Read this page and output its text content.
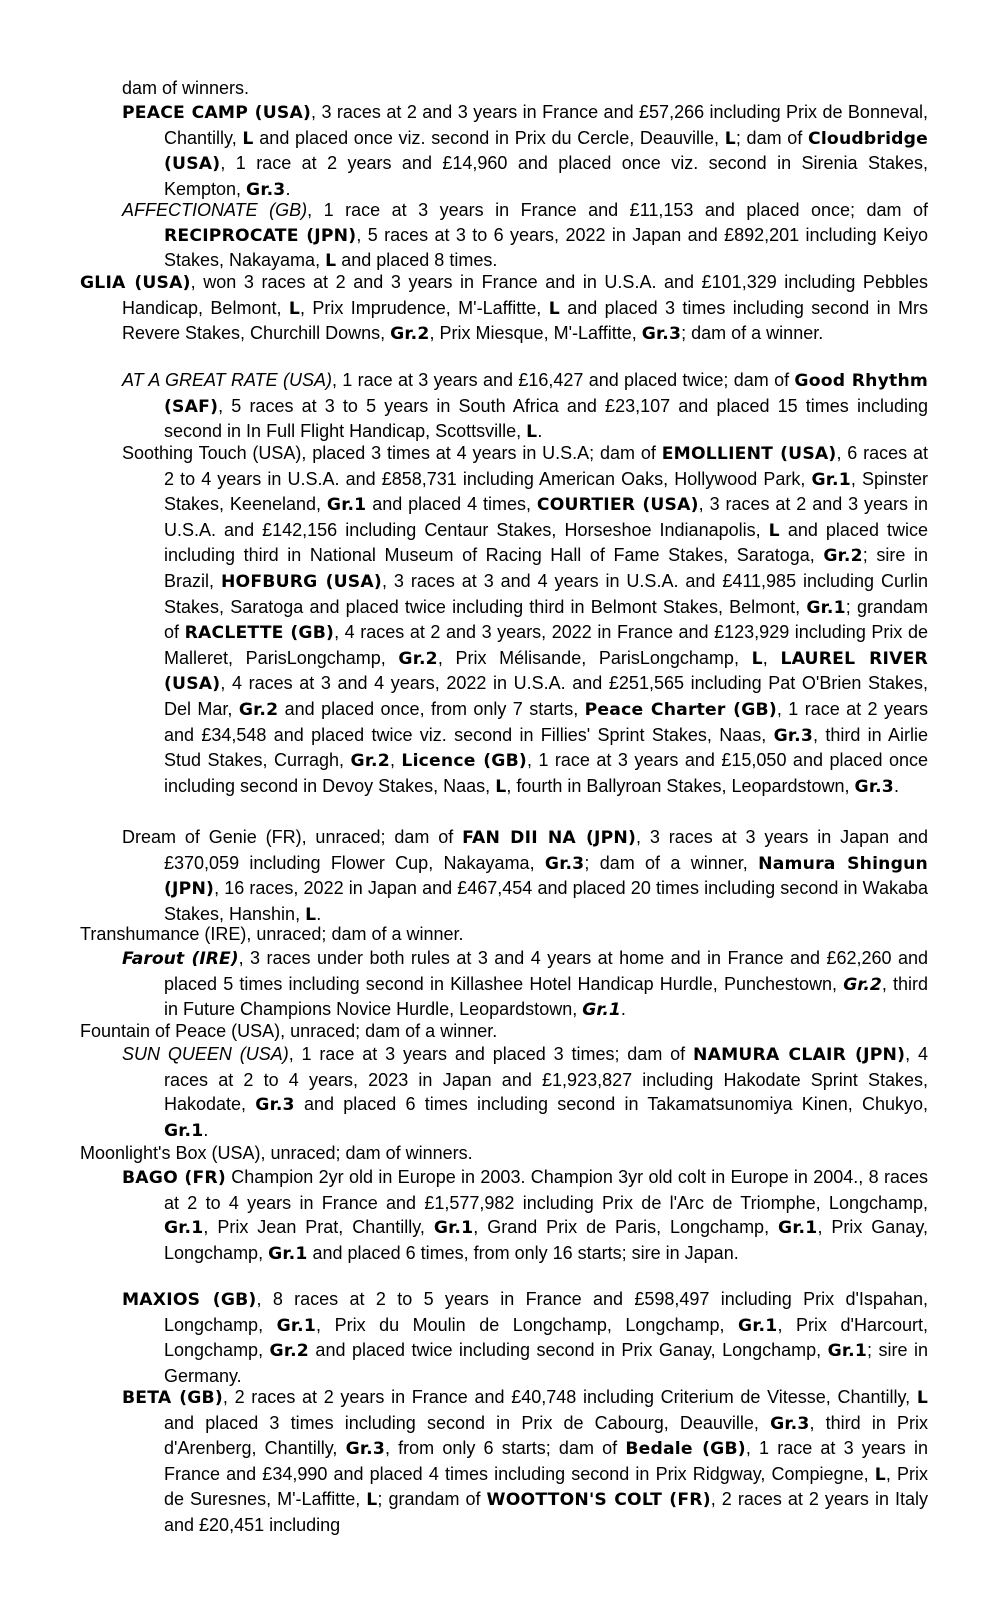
dam of winners.

PEACE CAMP (USA), 3 races at 2 and 3 years in France and £57,266 including Prix de Bonneval, Chantilly, L and placed once viz. second in Prix du Cercle, Deauville, L; dam of Cloudbridge (USA), 1 race at 2 years and £14,960 and placed once viz. second in Sirenia Stakes, Kempton, Gr.3.

AFFECTIONATE (GB), 1 race at 3 years in France and £11,153 and placed once; dam of RECIPROCATE (JPN), 5 races at 3 to 6 years, 2022 in Japan and £892,201 including Keiyo Stakes, Nakayama, L and placed 8 times.

GLIA (USA), won 3 races at 2 and 3 years in France and in U.S.A. and £101,329 including Pebbles Handicap, Belmont, L, Prix Imprudence, M'-Laffitte, L and placed 3 times including second in Mrs Revere Stakes, Churchill Downs, Gr.2, Prix Miesque, M'-Laffitte, Gr.3; dam of a winner.

AT A GREAT RATE (USA), 1 race at 3 years and £16,427 and placed twice; dam of Good Rhythm (SAF), 5 races at 3 to 5 years in South Africa and £23,107 and placed 15 times including second in In Full Flight Handicap, Scottsville, L.

Soothing Touch (USA), placed 3 times at 4 years in U.S.A; dam of EMOLLIENT (USA), 6 races at 2 to 4 years in U.S.A. and £858,731 including American Oaks, Hollywood Park, Gr.1, Spinster Stakes, Keeneland, Gr.1 and placed 4 times, COURTIER (USA), 3 races at 2 and 3 years in U.S.A. and £142,156 including Centaur Stakes, Horseshoe Indianapolis, L and placed twice including third in National Museum of Racing Hall of Fame Stakes, Saratoga, Gr.2; sire in Brazil, HOFBURG (USA), 3 races at 3 and 4 years in U.S.A. and £411,985 including Curlin Stakes, Saratoga and placed twice including third in Belmont Stakes, Belmont, Gr.1; grandam of RACLETTE (GB), 4 races at 2 and 3 years, 2022 in France and £123,929 including Prix de Malleret, ParisLongchamp, Gr.2, Prix Mélisande, ParisLongchamp, L, LAUREL RIVER (USA), 4 races at 3 and 4 years, 2022 in U.S.A. and £251,565 including Pat O'Brien Stakes, Del Mar, Gr.2 and placed once, from only 7 starts, Peace Charter (GB), 1 race at 2 years and £34,548 and placed twice viz. second in Fillies' Sprint Stakes, Naas, Gr.3, third in Airlie Stud Stakes, Curragh, Gr.2, Licence (GB), 1 race at 3 years and £15,050 and placed once including second in Devoy Stakes, Naas, L, fourth in Ballyroan Stakes, Leopardstown, Gr.3.

Dream of Genie (FR), unraced; dam of FAN DII NA (JPN), 3 races at 3 years in Japan and £370,059 including Flower Cup, Nakayama, Gr.3; dam of a winner, Namura Shingun (JPN), 16 races, 2022 in Japan and £467,454 and placed 20 times including second in Wakaba Stakes, Hanshin, L.

Transhumance (IRE), unraced; dam of a winner.

Farout (IRE), 3 races under both rules at 3 and 4 years at home and in France and £62,260 and placed 5 times including second in Killashee Hotel Handicap Hurdle, Punchestown, Gr.2, third in Future Champions Novice Hurdle, Leopardstown, Gr.1.

Fountain of Peace (USA), unraced; dam of a winner.

SUN QUEEN (USA), 1 race at 3 years and placed 3 times; dam of NAMURA CLAIR (JPN), 4 races at 2 to 4 years, 2023 in Japan and £1,923,827 including Hakodate Sprint Stakes, Hakodate, Gr.3 and placed 6 times including second in Takamatsunomiya Kinen, Chukyo, Gr.1.

Moonlight's Box (USA), unraced; dam of winners.

BAGO (FR) Champion 2yr old in Europe in 2003. Champion 3yr old colt in Europe in 2004., 8 races at 2 to 4 years in France and £1,577,982 including Prix de l'Arc de Triomphe, Longchamp, Gr.1, Prix Jean Prat, Chantilly, Gr.1, Grand Prix de Paris, Longchamp, Gr.1, Prix Ganay, Longchamp, Gr.1 and placed 6 times, from only 16 starts; sire in Japan.

MAXIOS (GB), 8 races at 2 to 5 years in France and £598,497 including Prix d'Ispahan, Longchamp, Gr.1, Prix du Moulin de Longchamp, Longchamp, Gr.1, Prix d'Harcourt, Longchamp, Gr.2 and placed twice including second in Prix Ganay, Longchamp, Gr.1; sire in Germany.

BETA (GB), 2 races at 2 years in France and £40,748 including Criterium de Vitesse, Chantilly, L and placed 3 times including second in Prix de Cabourg, Deauville, Gr.3, third in Prix d'Arenberg, Chantilly, Gr.3, from only 6 starts; dam of Bedale (GB), 1 race at 3 years in France and £34,990 and placed 4 times including second in Prix Ridgway, Compiegne, L, Prix de Suresnes, M'-Laffitte, L; grandam of WOOTTON'S COLT (FR), 2 races at 2 years in Italy and £20,451 including
